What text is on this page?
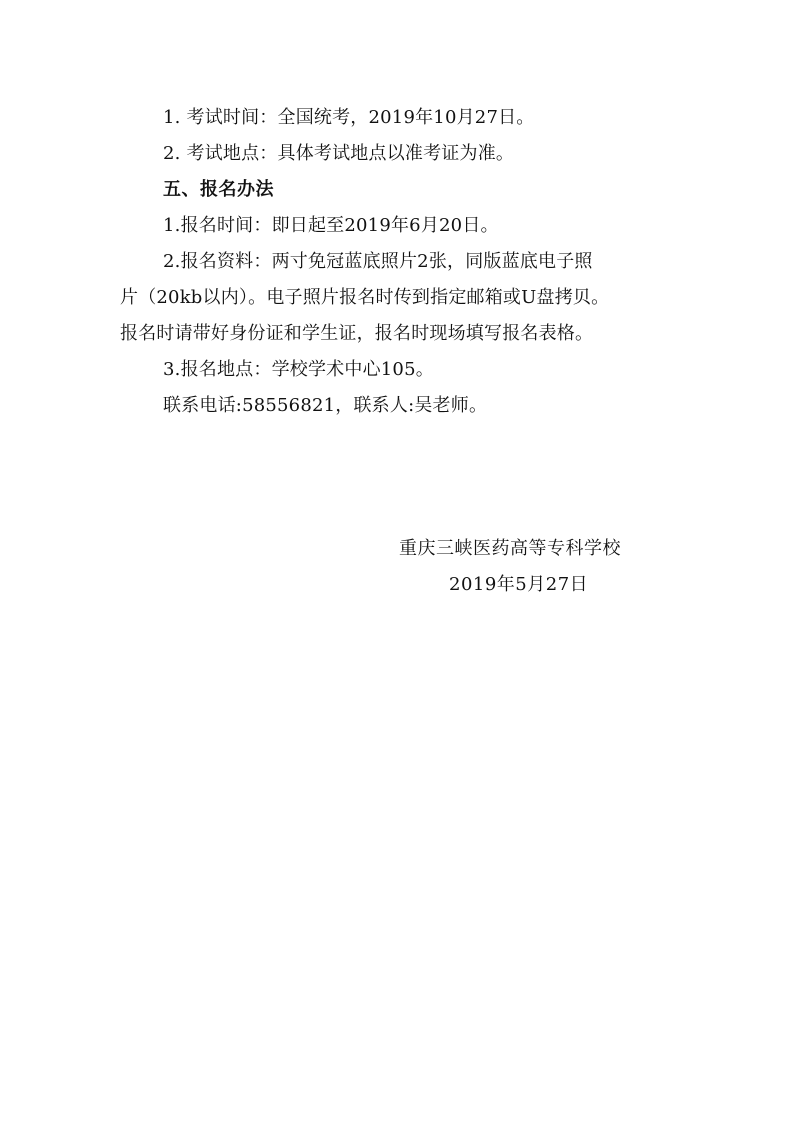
1. 考试时间：全国统考，2019年10月27日。
2. 考试地点：具体考试地点以准考证为准。
五、报名办法
1.报名时间：即日起至2019年6月20日。
2.报名资料：两寸免冠蓝底照片2张，同版蓝底电子照
片（20kb以内）。电子照片报名时传到指定邮箱或U盘拷贝。
报名时请带好身份证和学生证，报名时现场填写报名表格。
3.报名地点：学校学术中心105。
联系电话:58556821，联系人:吴老师。
重庆三峡医药高等专科学校
2019年5月27日
